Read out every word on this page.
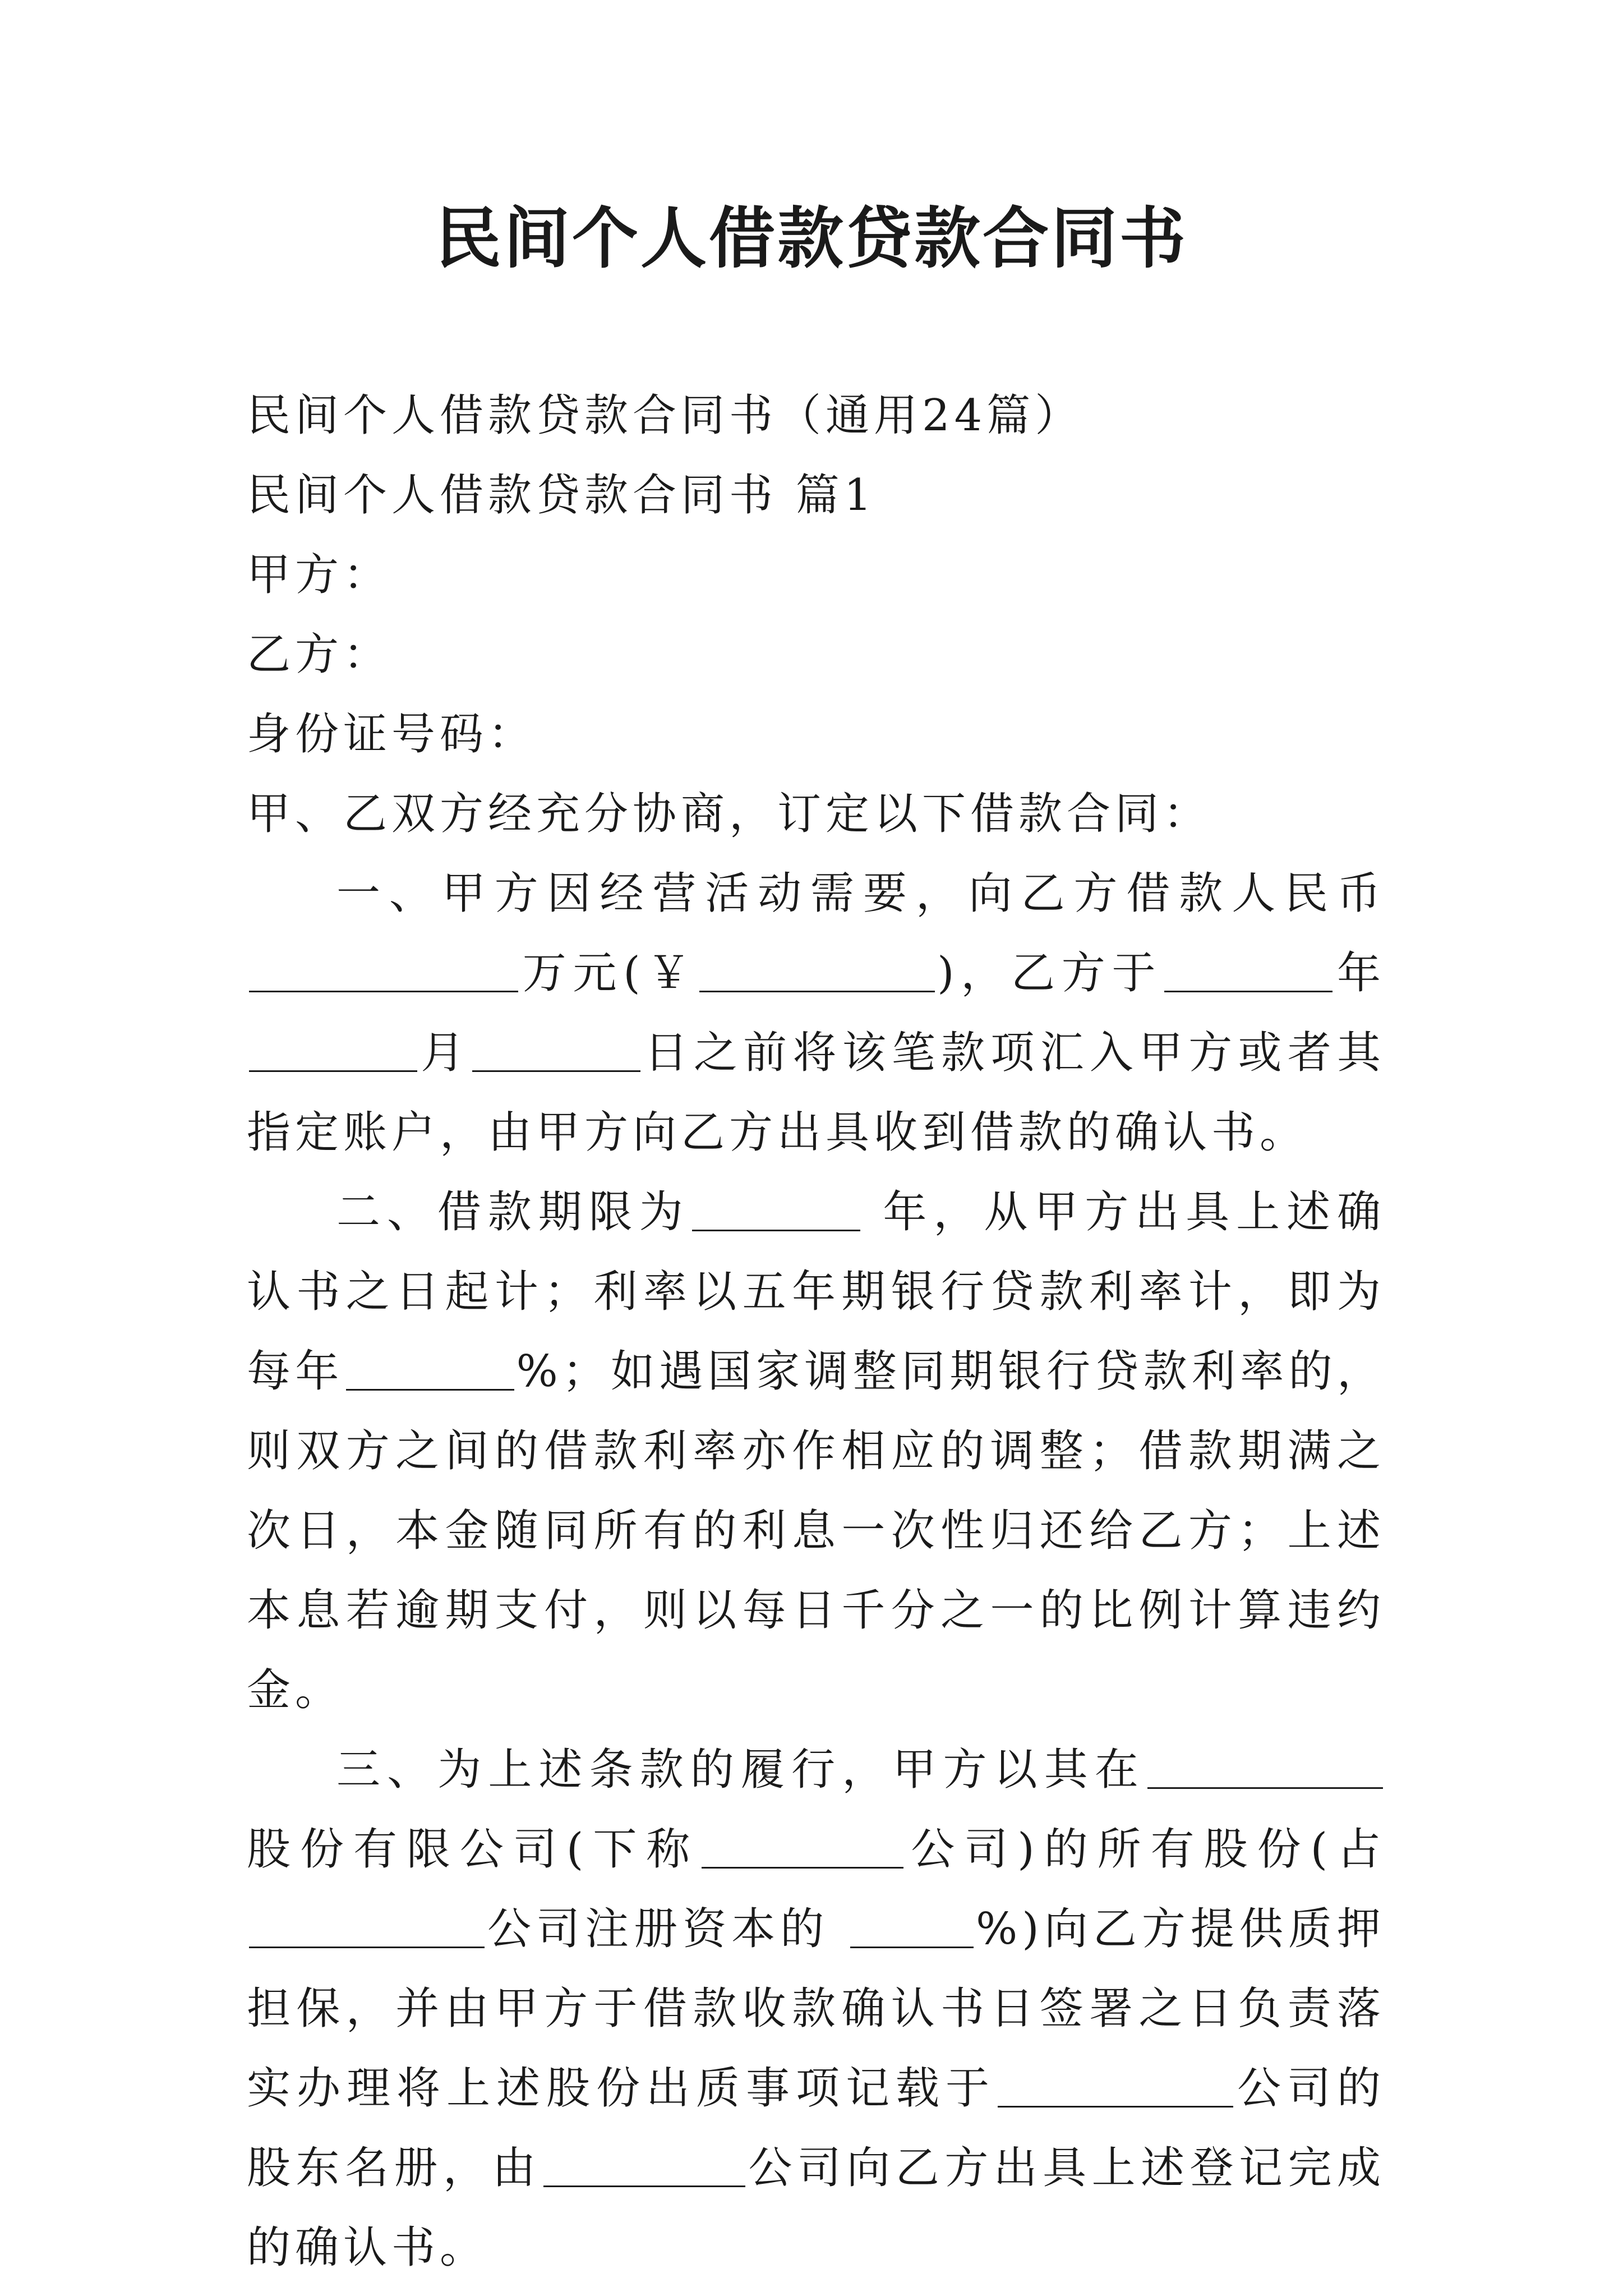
民间个人借款贷款合同书

民间个人借款贷款合同书（通用24篇）

民间个人借款贷款合同书 篇1

甲方：

乙方：

身份证号码：

甲、乙双方经充分协商，订定以下借款合同：

一、甲方因经营活动需要，向乙方借款人民币万元(￥	)，乙方于	年月	日之前将该笔款项汇入甲方或者其指定账户，由甲方向乙方出具收到借款的确认书。

二、借款期限为	年，从甲方出具上述确认书之日起计；利率以五年期银行贷款利率计，即为每年	%；如遇国家调整同期银行贷款利率的，则双方之间的借款利率亦作相应的调整；借款期满之次日，本金随同所有的利息一次性归还给乙方；上述本息若逾期支付，则以每日千分之一的比例计算违约金。

三、为上述条款的履行，甲方以其在股份有限公司(下称	公司)的所有股份(占公司注册资本的	%)向乙方提供质押担保，并由甲方于借款收款确认书日签署之日负责落实办理将上述股份出质事项记载于	公司的股东名册，由	公司向乙方出具上述登记完成的确认书。
